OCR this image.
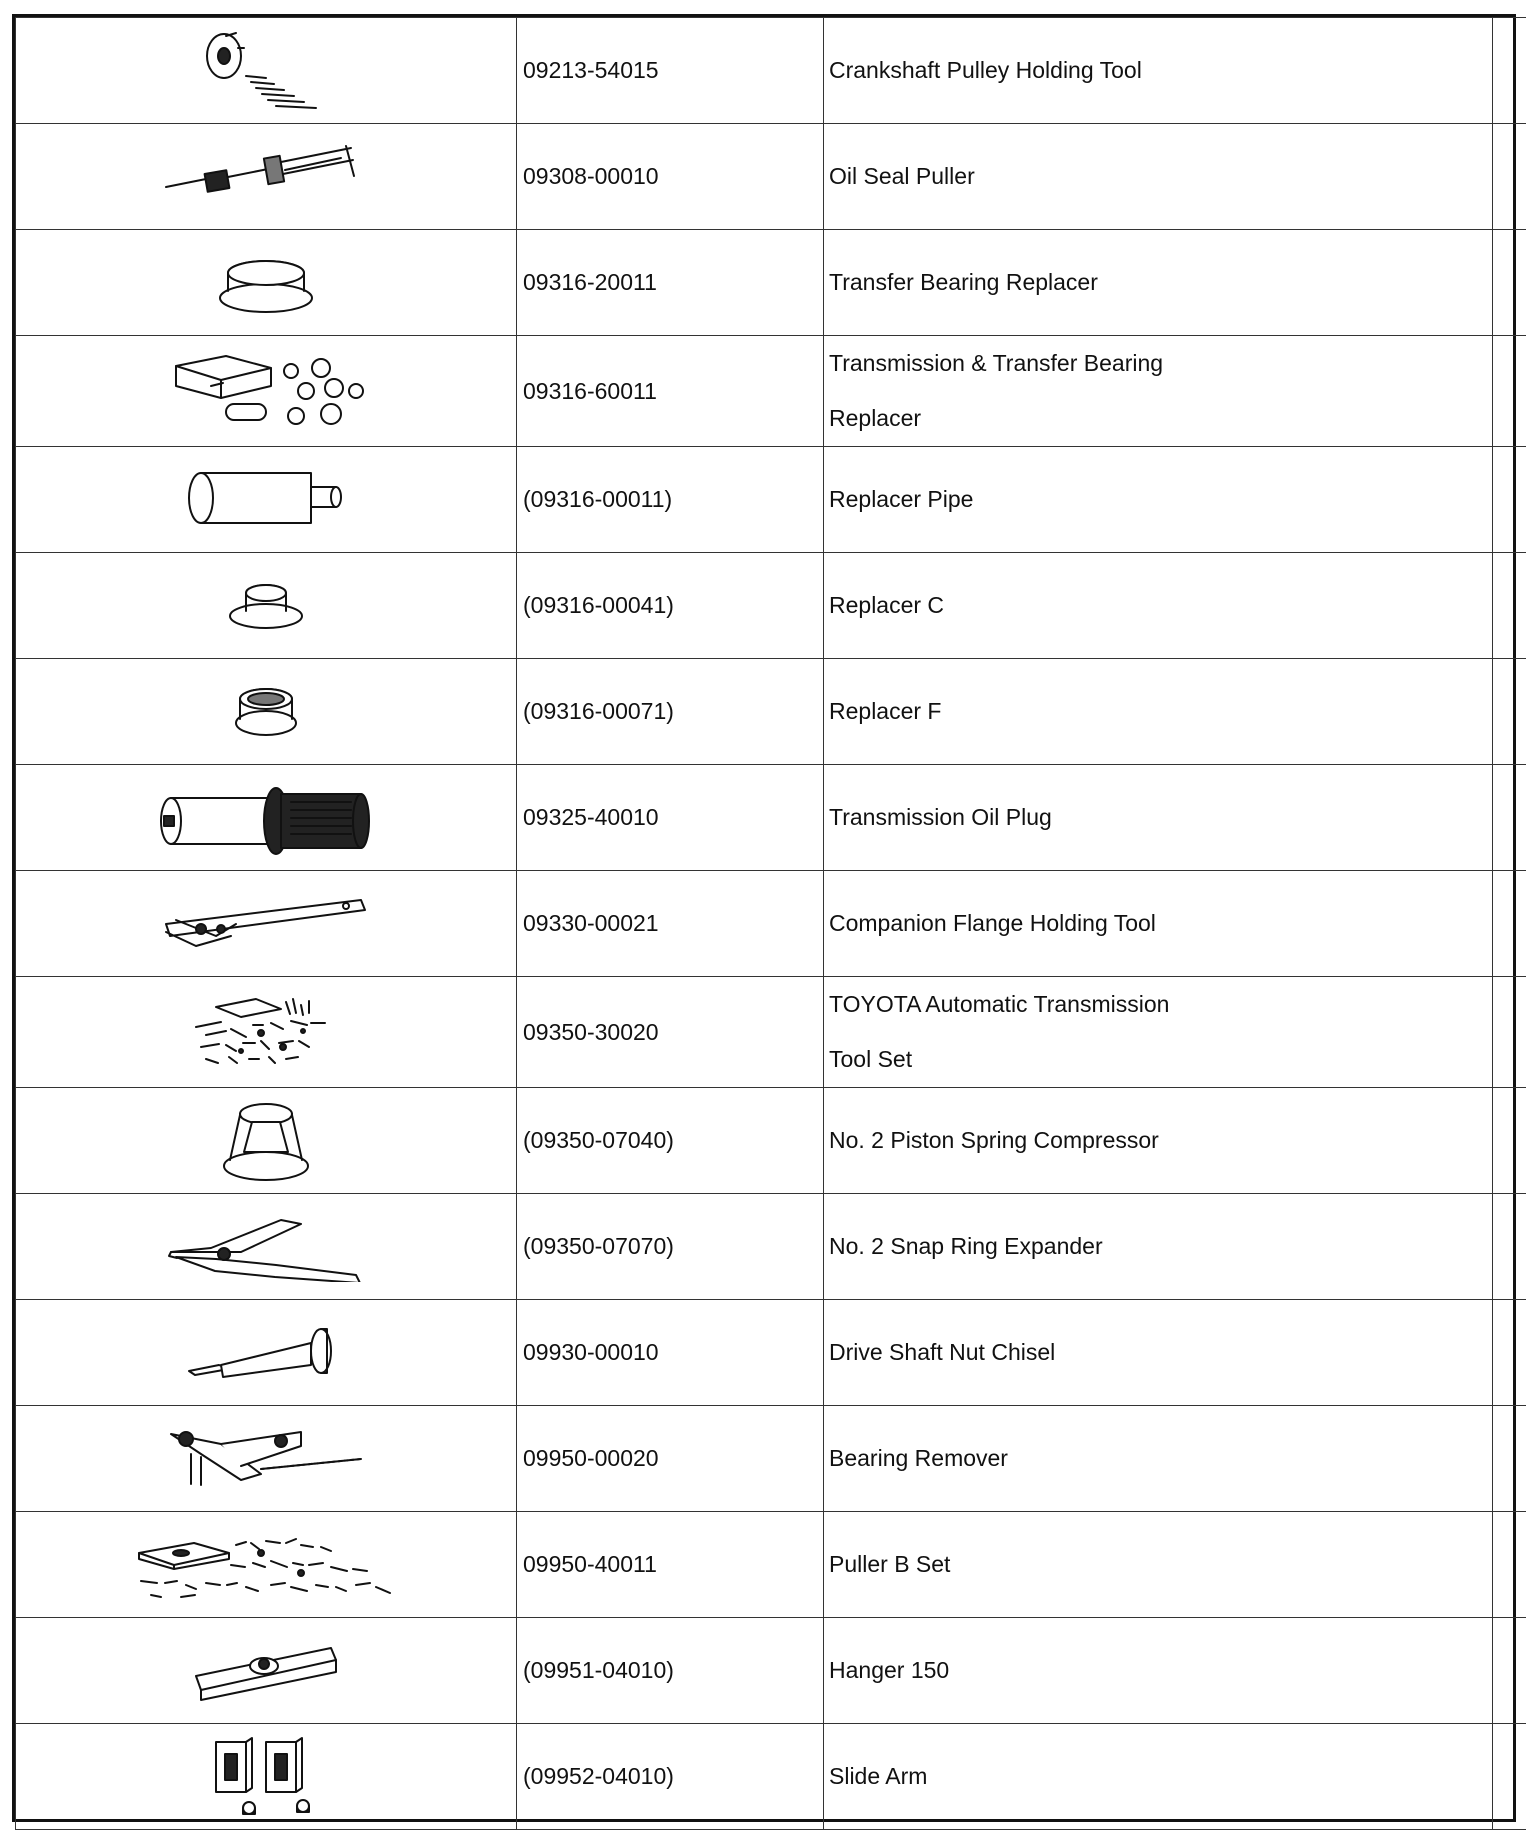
	09213-54015	Crankshaft Pulley Holding Tool	

	09308-00010	Oil Seal Puller	

	09316-20011	Transfer Bearing Replacer	

	09316-60011	Transmission & Transfer Bearing
Replacer	

	(09316-00011)	Replacer Pipe	

	(09316-00041)	Replacer C	

	(09316-00071)	Replacer F	

	09325-40010	Transmission Oil Plug	

	09330-00021	Companion Flange Holding Tool	

	09350-30020	TOYOTA Automatic Transmission
Tool Set	

	(09350-07040)	No. 2 Piston Spring Compressor	

	(09350-07070)	No. 2 Snap Ring Expander	

	09930-00010	Drive Shaft Nut Chisel	

	09950-00020	Bearing Remover	

	09950-40011	Puller B Set	

	(09951-04010)	Hanger 150	

	(09952-04010)	Slide Arm	
